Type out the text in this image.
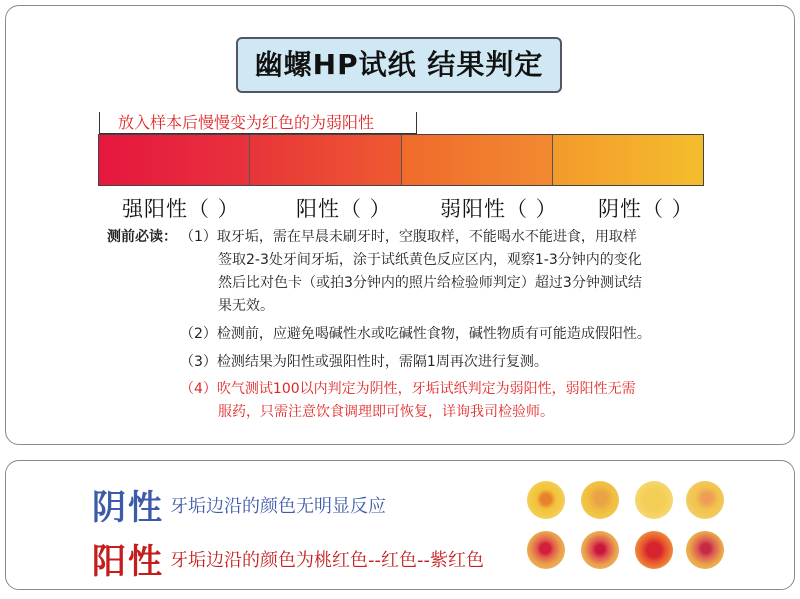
幽螺HP试纸 结果判定
放入样本后慢慢变为红色的为弱阳性
强阳性（ ）	阳性（ ） 弱阳性（ ） 阴性（ ）
测前必读： （1）取牙垢，需在早晨未刷牙时，空腹取样，不能喝水不能进食，用取样
签取2-3处牙间牙垢，涂于试纸黄色反应区内，观察1-3分钟内的变化
然后比对色卡（或拍3分钟内的照片给检验师判定）超过3分钟测试结
果无效。
（2）检测前，应避免喝碱性水或吃碱性食物，碱性物质有可能造成假阳性。
（3）检测结果为阳性或强阳性时，需隔1周再次进行复测。
（4）吹气测试100以内判定为阴性，牙垢试纸判定为弱阳性，弱阳性无需
服药，只需注意饮食调理即可恢复，详询我司检验师。
阴性 牙垢边沿的颜色无明显反应
阳性 牙垢边沿的颜色为桃红色--红色--紫红色
